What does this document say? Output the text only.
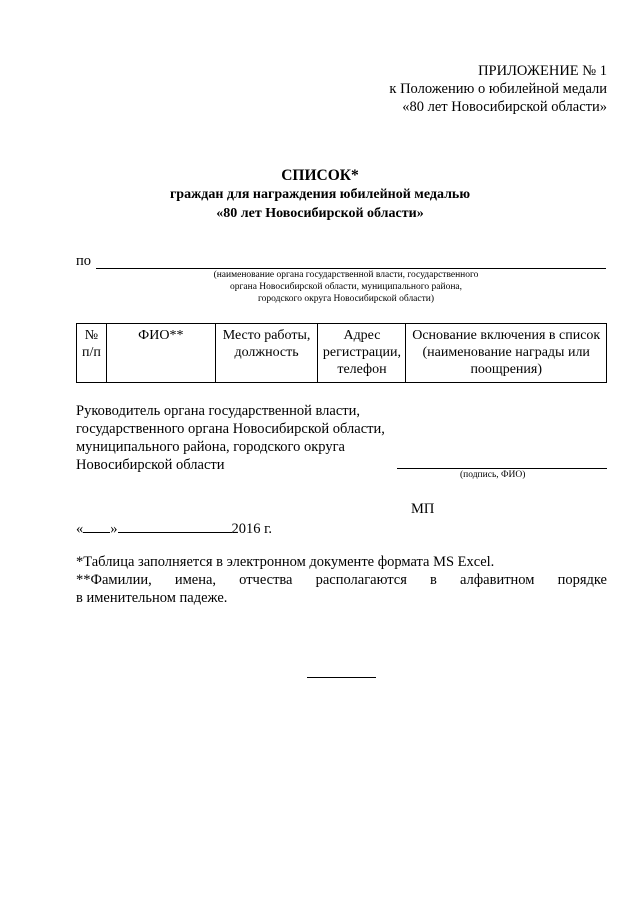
ПРИЛОЖЕНИЕ № 1
к Положению о юбилейной медали
«80 лет Новосибирской области»
СПИСОК*
граждан для награждения юбилейной медалью
«80 лет Новосибирской области»
по
(наименование органа государственной власти, государственного
органа Новосибирской области, муниципального района,
городского округа Новосибирской области)
№ п/п	ФИО**	Место работы, должность	Адрес регистрации, телефон	Основание включения в список (наименование награды или поощрения)
Руководитель органа государственной власти,
государственного органа Новосибирской области,
муниципального района, городского округа
Новосибирской области
(подпись, ФИО)
МП
« »	2016 г.
*Таблица заполняется в электронном документе формата MS Excel.
**Фамилии, имена, отчества располагаются в алфавитном порядке
в именительном падеже.
